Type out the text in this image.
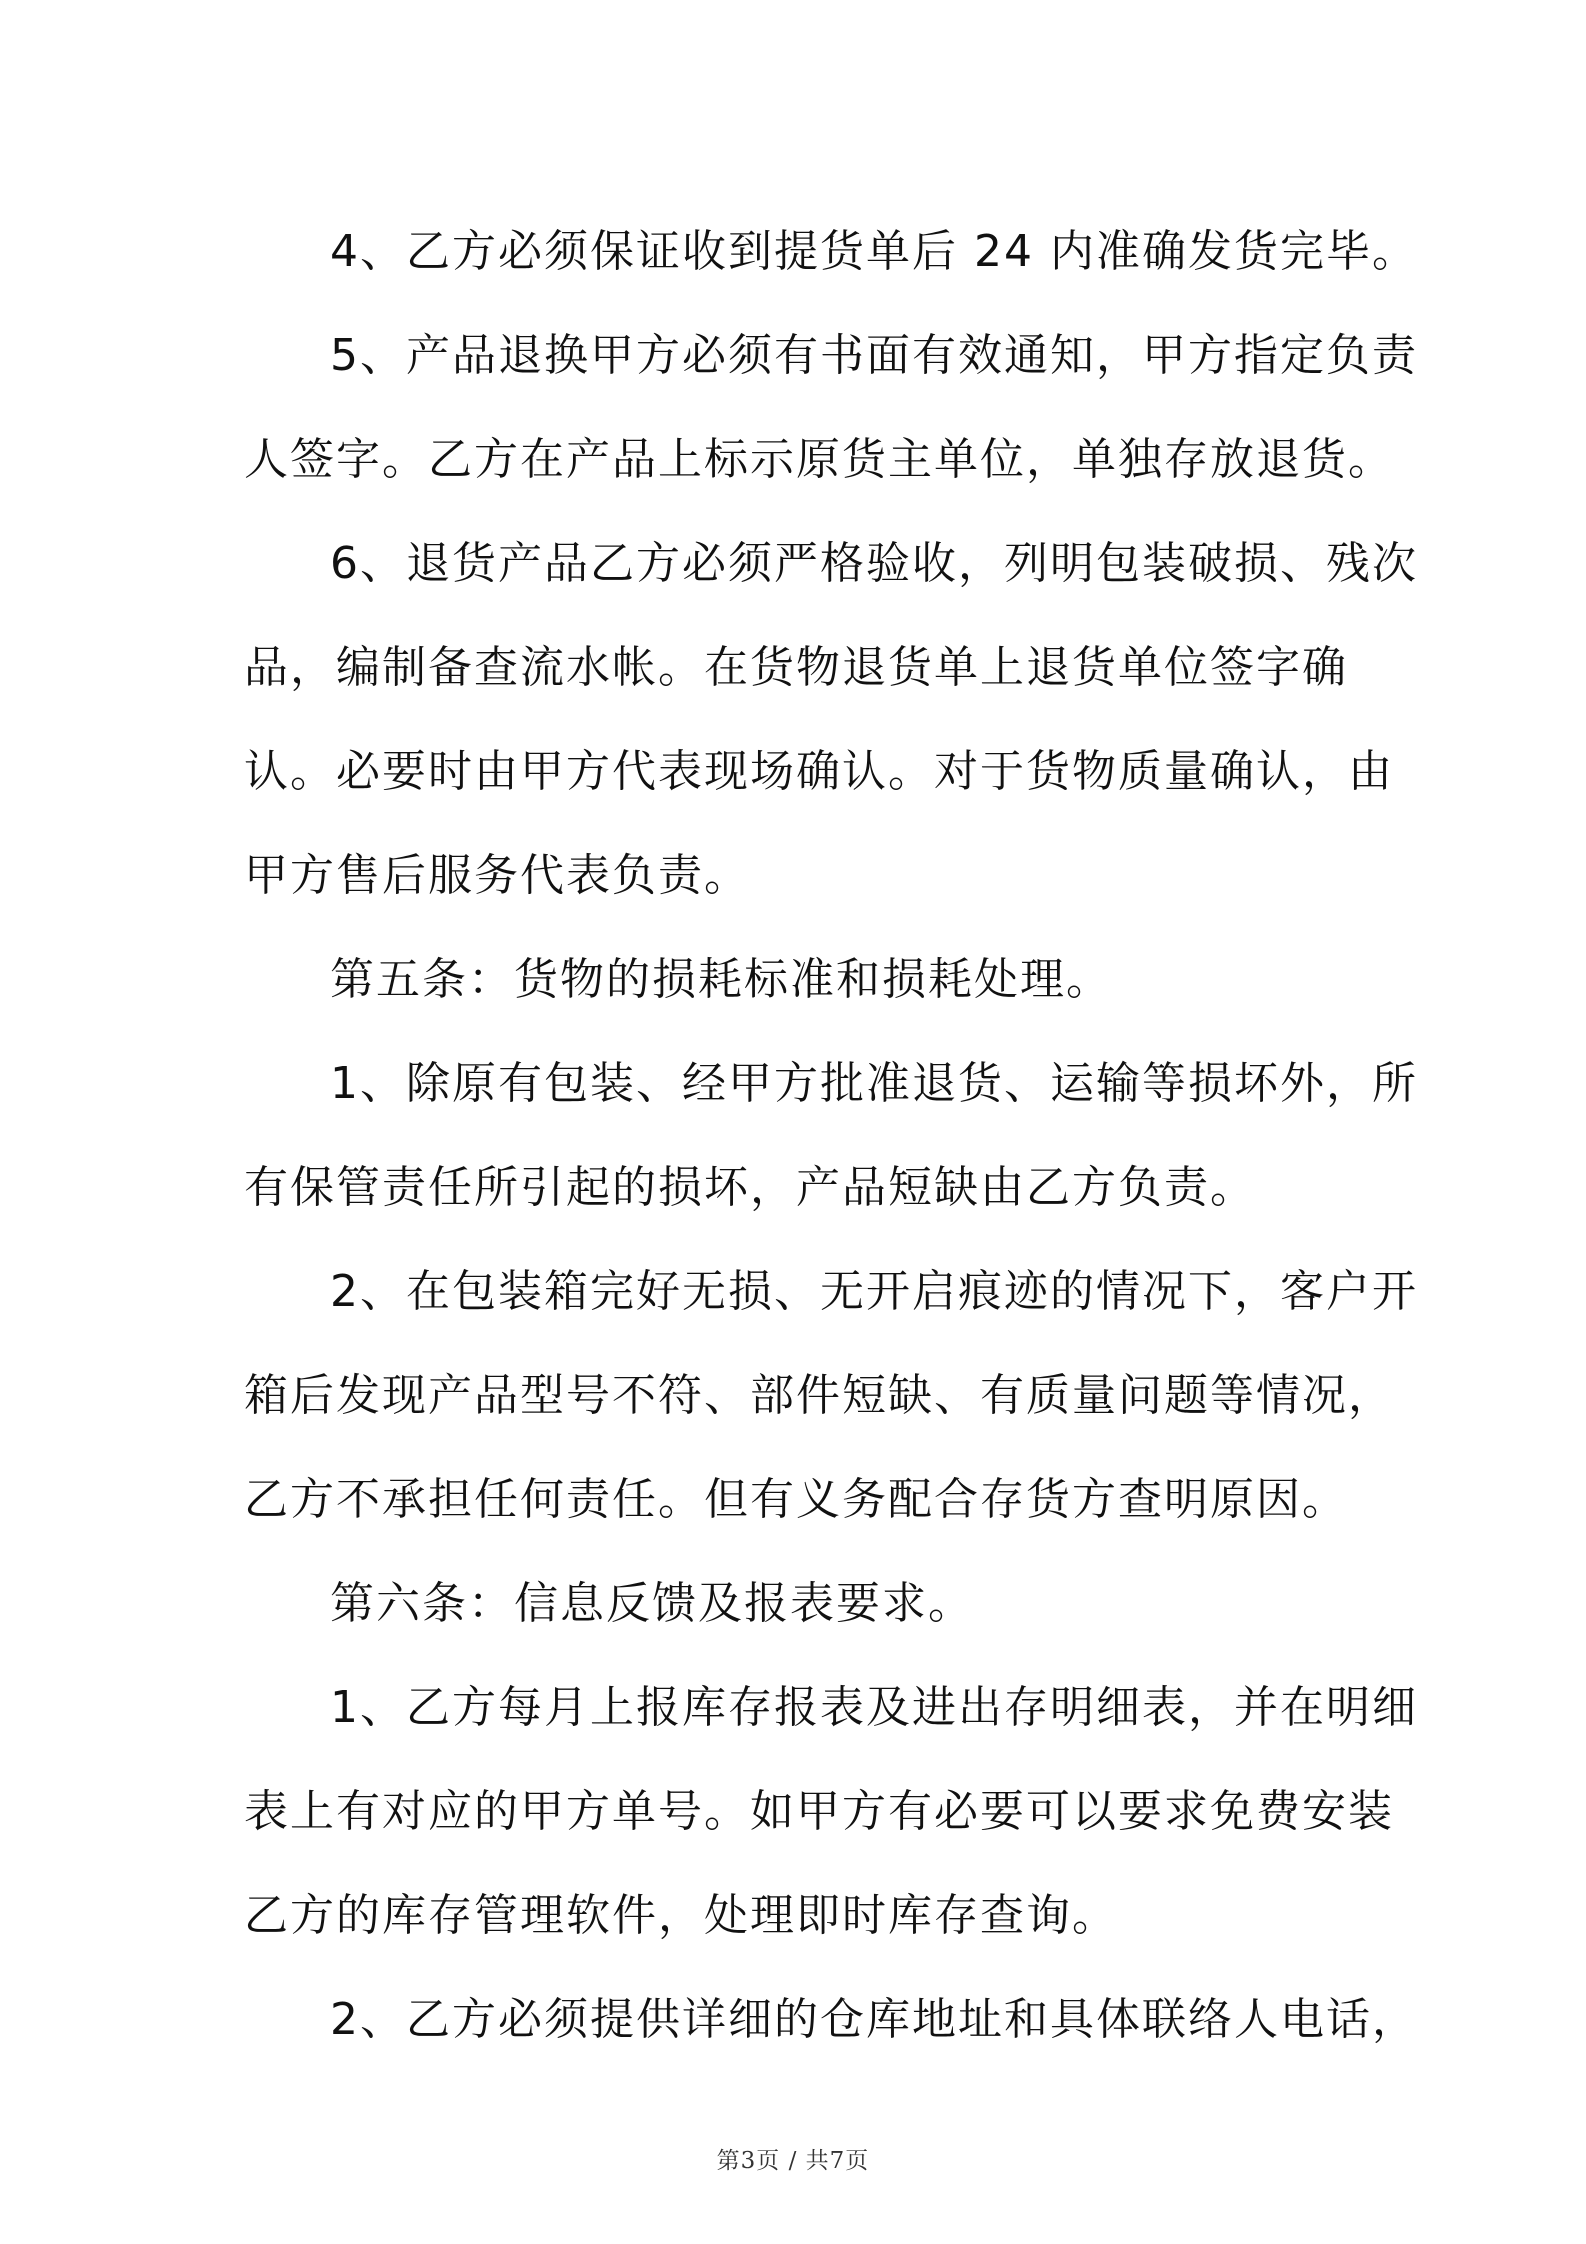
4、乙方必须保证收到提货单后 24 内准确发货完毕。
5、产品退换甲方必须有书面有效通知，甲方指定负责
人签字。乙方在产品上标示原货主单位，单独存放退货。
6、退货产品乙方必须严格验收，列明包装破损、残次
品，编制备查流水帐。在货物退货单上退货单位签字确
认。必要时由甲方代表现场确认。对于货物质量确认，由
甲方售后服务代表负责。
第五条：货物的损耗标准和损耗处理。
1、除原有包装、经甲方批准退货、运输等损坏外，所
有保管责任所引起的损坏，产品短缺由乙方负责。
2、在包装箱完好无损、无开启痕迹的情况下，客户开
箱后发现产品型号不符、部件短缺、有质量问题等情况，
乙方不承担任何责任。但有义务配合存货方查明原因。
第六条：信息反馈及报表要求。
1、乙方每月上报库存报表及进出存明细表，并在明细
表上有对应的甲方单号。如甲方有必要可以要求免费安装
乙方的库存管理软件，处理即时库存查询。
2、乙方必须提供详细的仓库地址和具体联络人电话，
第3页 / 共7页
